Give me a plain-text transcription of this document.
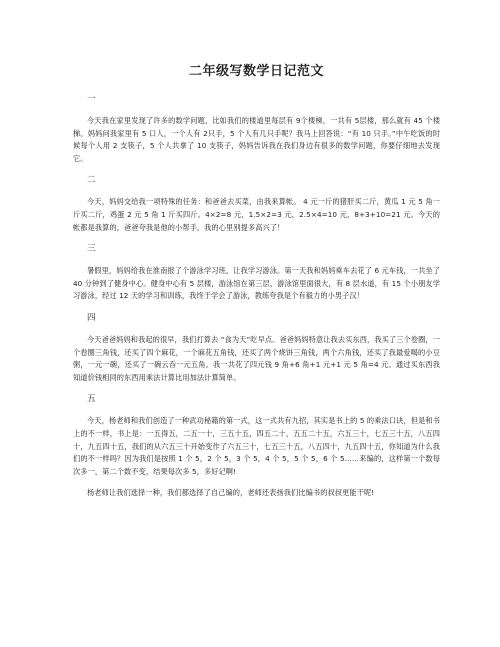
二年级写数学日记范文
一

今天我在家里发现了许多的数学问题，比如我们的楼道里每层有 9个楼梯，一共有 5层楼，那么就有 45 个楼梯。妈妈问我家里有 5 口人，一个人有 2只手，5 个人有几只手呢？我马上回答说：“有 10 只手。”中午吃饭的时候每个人用 2 支筷子，5 个人共拿了 10 支筷子，妈妈告诉我在我们身边有很多的数学问题，你要仔细地去发现它。

二

今天，妈妈交给我一项特殊的任务：和爸爸去买菜，由我来算帐。 4 元一斤的猪肝买二斤，黄瓜 1 元 5 角一斤买二斤，鸡蛋 2 元 5 角 1 斤买四斤。4×2=8 元，1.5×2=3 元，2.5×4=10 元，8+3+10=21 元。今天的帐都是我算的，爸爸夸我是他的小帮手，我的心里别提多高兴了！

三

暑假里，妈妈给我在淮南报了个游泳学习班，让我学习游泳。第一天我和妈妈乘车去花了 6 元车钱，一共坐了 40 分钟到了健身中心。健身中心有 5 层楼，游泳馆在第三层，游泳馆里面很大，有 8 层水道，有 15 个小朋友学习游泳，经过 12 天的学习和训练，我终于学会了游泳，教练夸我是个有毅力的小男子汉！

四

今天爸爸妈妈和我起的很早，我们打算去 “食为天”吃早点。爸爸妈妈特意让我去买东西，我买了三个卷圈，一个卷圈三角钱，还买了四个麻花，一个麻花五角钱，还买了两个烧饼三角钱，两个六角钱，还买了我最爱喝的小豆粥，一元一碗，还买了一碗云吞一元五角。我一共花了四元钱 9 角+6 角+1 元+1 元 5 角=4 元。通过买东西我知道价钱相同的东西用乘法计算比用加法计算简单。

五

今天，杨老师和我们创造了一种武功秘籍的第一式，这一式共有九招，其实是书上的 5 的乘法口诀，但是和书上的不一样，书上是：一五得五，二五一十，三五十五，四五二十，五五二十五，六五三十，七五三十五，八五四十，九五四十五，我们的从六五三十开始变作了六五三十，七五三十五，八五四十，九五四十五，你知道为什么我们的不一样吗？因为我们是按照 1 个 5，2 个 5，3 个 5，4 个 5，5 个 5，6 个 5……来编的，这样第一个数每次多一，第二个数不变，结果每次多 5，多好记啊!

杨老师让我们选择一种，我们都选择了自己编的，老师还表扬我们比编书的叔叔更能干呢!
